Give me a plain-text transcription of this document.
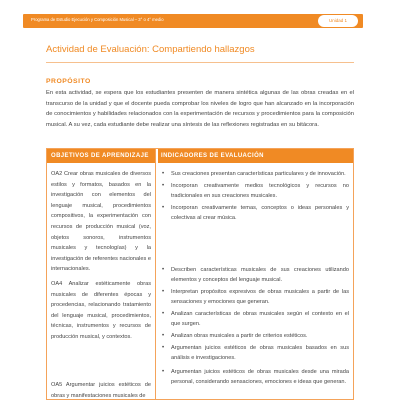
Programa de Estudio Ejecución y Composición Musical – 3° o 4° medio	Unidad 1
Actividad de Evaluación: Compartiendo hallazgos
PROPÓSITO
En esta actividad, se espera que los estudiantes presenten de manera sintética algunas de las obras creadas en el transcurso de la unidad y que el docente pueda comprobar los niveles de logro que han alcanzado en la incorporación de conocimientos y habilidades relacionados con la experimentación de recursos y procedimientos para la composición musical. A su vez, cada estudiante debe realizar una síntesis de las reflexiones registradas en su bitácora.
OBJETIVOS DE APRENDIZAJE	INDICADORES DE EVALUACIÓN
OA2 Crear obras musicales de diversos estilos y formatos, basados en la investigación con elementos del lenguaje musical, procedimientos compositivos, la experimentación con recursos de producción musical (voz, objetos sonoros, instrumentos musicales y tecnologías) y la investigación de referentes nacionales e internacionales.
• Sus creaciones presentan características particulares y de innovación.
• Incorporan creativamente medios tecnológicos y recursos no tradicionales en sus creaciones musicales.
• Incorporan creativamente temas, conceptos o ideas personales y colectivas al crear música.
OA4 Analizar estéticamente obras musicales de diferentes épocas y procedencias, relacionando tratamiento del lenguaje musical, procedimientos, técnicas, instrumentos y recursos de producción musical, y contextos.
• Describen características musicales de sus creaciones utilizando elementos y conceptos del lenguaje musical.
• Interpretan propósitos expresivos de obras musicales a partir de las sensaciones y emociones que generan.
• Analizan características de obras musicales según el contexto en el que surgen.
• Analizan obras musicales a partir de criterios estéticos.
• Argumentan juicios estéticos de obras musicales basados en sus análisis e investigaciones.
OA5 Argumentar juicios estéticos de obras y manifestaciones musicales de
• Argumentan juicios estéticos de obras musicales desde una mirada personal, considerando sensaciones, emociones e ideas que generan.
